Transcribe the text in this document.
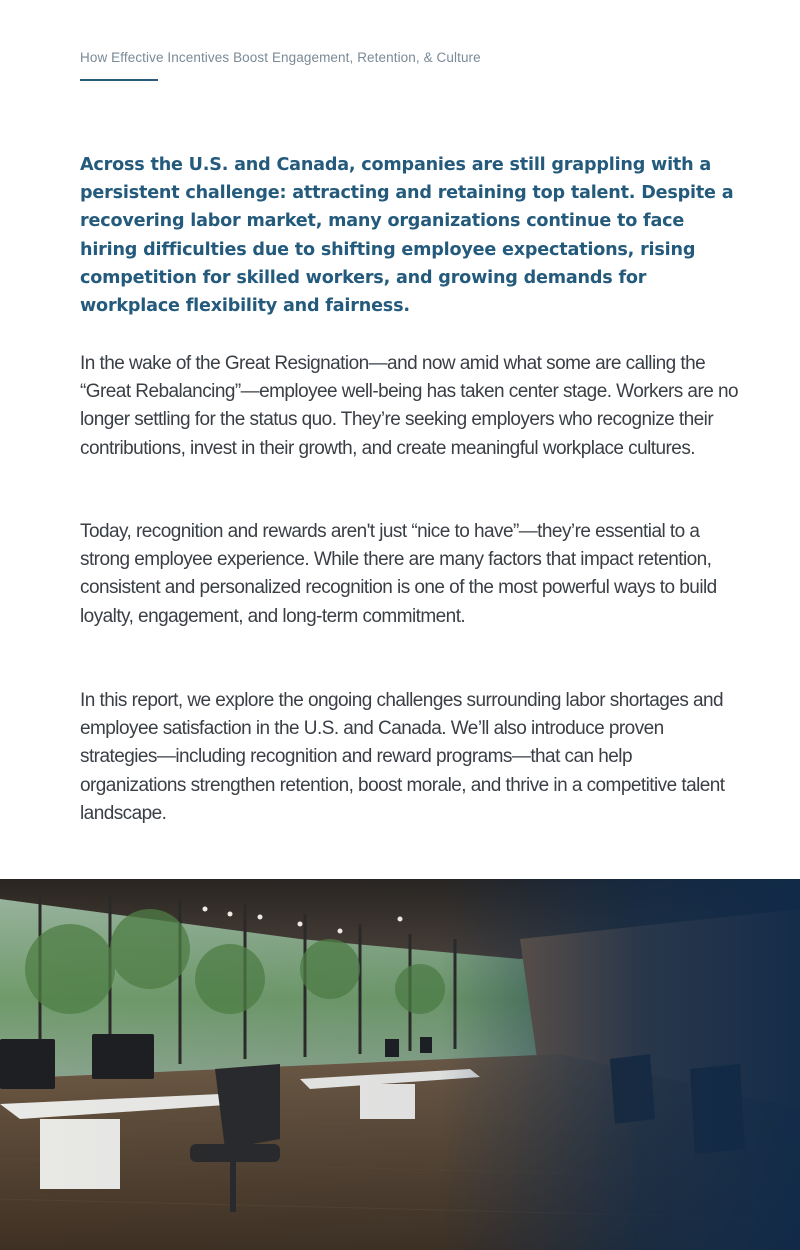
How Effective Incentives Boost Engagement, Retention, & Culture

Across the U.S. and Canada, companies are still grappling with a persistent challenge: attracting and retaining top talent. Despite a recovering labor market, many organizations continue to face hiring difficulties due to shifting employee expectations, rising competition for skilled workers, and growing demands for workplace flexibility and fairness.

In the wake of the Great Resignation—and now amid what some are calling the “Great Rebalancing”—employee well-being has taken center stage. Workers are no longer settling for the status quo. They’re seeking employers who recognize their contributions, invest in their growth, and create meaningful workplace cultures.

Today, recognition and rewards aren't just “nice to have”—they’re essential to a strong employee experience. While there are many factors that impact retention, consistent and personalized recognition is one of the most powerful ways to build loyalty, engagement, and long-term commitment.

In this report, we explore the ongoing challenges surrounding labor shortages and employee satisfaction in the U.S. and Canada. We’ll also introduce proven strategies—including recognition and reward programs—that can help organizations strengthen retention, boost morale, and thrive in a competitive talent landscape.
